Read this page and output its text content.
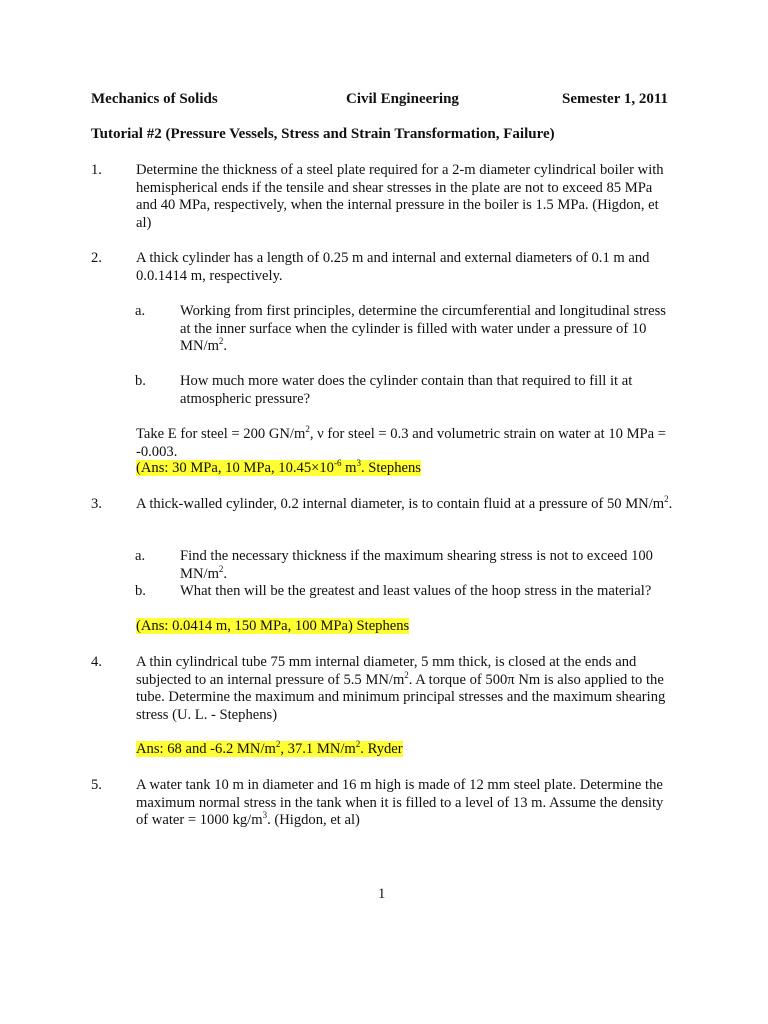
Mechanics of Solids	Civil Engineering	Semester 1, 2011
Tutorial #2 (Pressure Vessels, Stress and Strain Transformation, Failure)
1. Determine the thickness of a steel plate required for a 2-m diameter cylindrical boiler with hemispherical ends if the tensile and shear stresses in the plate are not to exceed 85 MPa and 40 MPa, respectively, when the internal pressure in the boiler is 1.5 MPa. (Higdon, et al)
2. A thick cylinder has a length of 0.25 m and internal and external diameters of 0.1 m and 0.0.1414 m, respectively.
a. Working from first principles, determine the circumferential and longitudinal stress at the inner surface when the cylinder is filled with water under a pressure of 10 $MN/m^2$.
b. How much more water does the cylinder contain than that required to fill it at atmospheric pressure?
Take E for steel = 200 $GN/m^2$, ν for steel = 0.3 and volumetric strain on water at 10 MPa = -0.003.
(Ans: 30 MPa, 10 MPa, $10.45\times 10^{-6}$ $m^3$. Stephens
3. A thick-walled cylinder, 0.2 internal diameter, is to contain fluid at a pressure of 50 $MN/m^2$.
a. Find the necessary thickness if the maximum shearing stress is not to exceed 100 $MN/m^2$.
b. What then will be the greatest and least values of the hoop stress in the material?
(Ans: 0.0414 m, 150 MPa, 100 MPa) Stephens
4. A thin cylindrical tube 75 mm internal diameter, 5 mm thick, is closed at the ends and subjected to an internal pressure of 5.5 $MN/m^2$. A torque of 500π Nm is also applied to the tube. Determine the maximum and minimum principal stresses and the maximum shearing stress (U. L. - Stephens)
Ans: 68 and -6.2 $MN/m^2$, 37.1 $MN/m^2$. Ryder
5. A water tank 10 m in diameter and 16 m high is made of 12 mm steel plate. Determine the maximum normal stress in the tank when it is filled to a level of 13 m. Assume the density of water = 1000 $kg/m^3$. (Higdon, et al)
1
